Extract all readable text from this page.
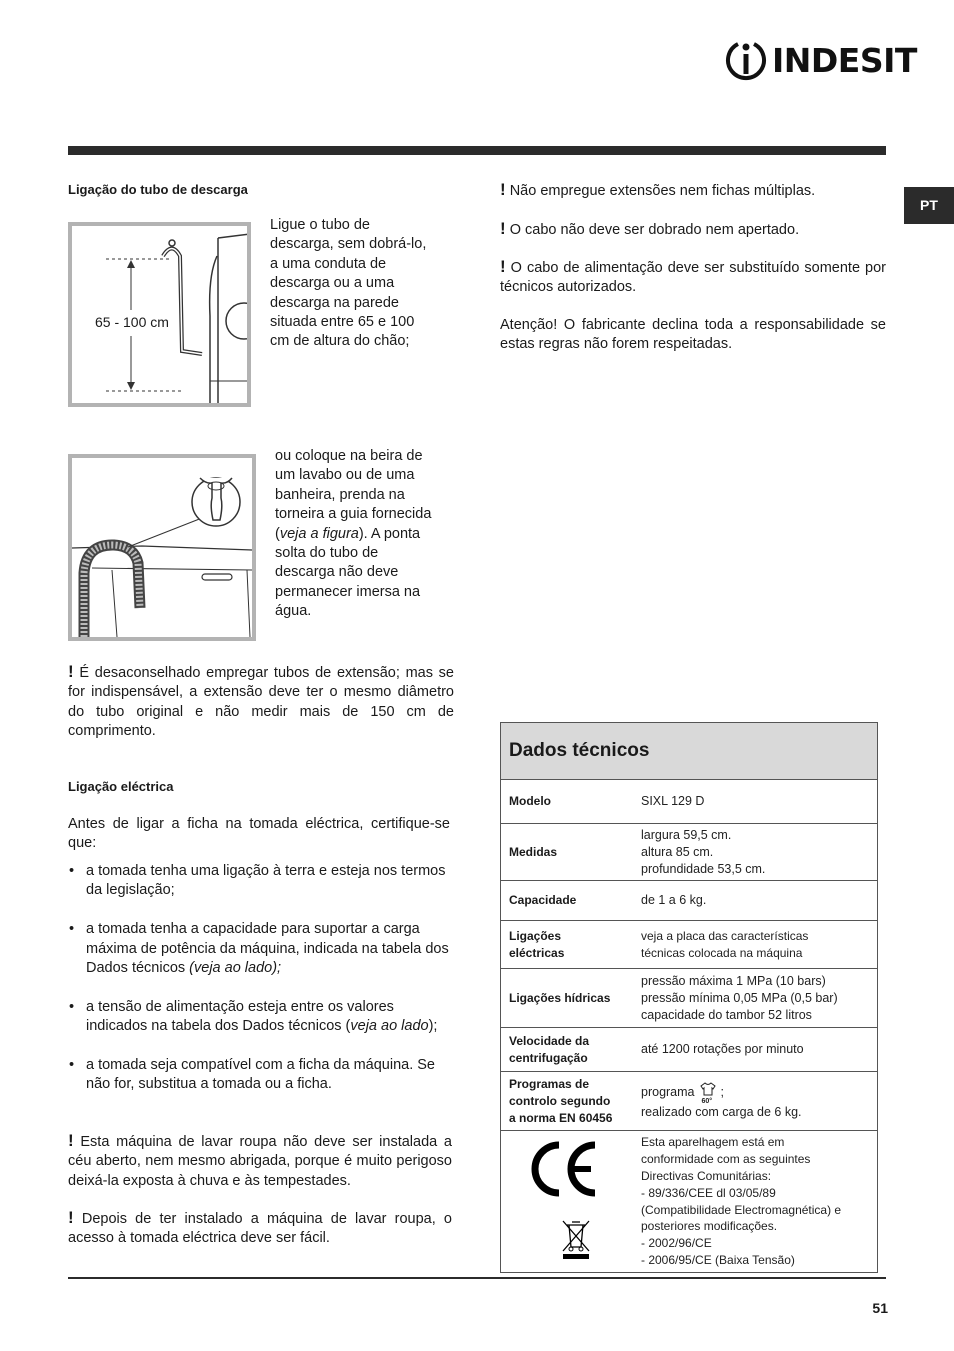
INDESIT
PT
Ligação do tubo de descarga
65 - 100 cm
Ligue o tubo de
descarga, sem dobrá-lo,
a uma conduta de
descarga ou a uma
descarga na parede
situada entre 65 e 100
cm de altura do chão;
ou coloque na beira de
um lavabo ou de uma
banheira, prenda na
torneira a guia fornecida
(veja a figura). A ponta
solta do tubo de
descarga não deve
permanecer imersa na
água.
! É desaconselhado empregar tubos de extensão; mas se for indispensável, a extensão deve ter o mesmo diâmetro do tubo original e não medir mais de 150 cm de comprimento.
Ligação eléctrica
Antes de ligar a ficha na tomada eléctrica, certifique-se que:
• a tomada tenha uma ligação à terra e esteja nos termos da legislação;
• a tomada tenha a capacidade para suportar a carga máxima de potência da máquina, indicada na tabela dos Dados técnicos (veja ao lado);
• a tensão de alimentação esteja entre os valores indicados na tabela dos Dados técnicos (veja ao lado);
• a tomada seja compatível com a ficha da máquina. Se não for, substitua a tomada ou a ficha.
! Esta máquina de lavar roupa não deve ser instalada a céu aberto, nem mesmo abrigada, porque é muito perigoso deixá-la exposta à chuva e às tempestades.
! Depois de ter instalado a máquina de lavar roupa, o acesso à tomada eléctrica deve ser fácil.
! Não empregue extensões nem fichas múltiplas.
! O cabo não deve ser dobrado nem apertado.
! O cabo de alimentação deve ser substituído somente por técnicos autorizados.
Atenção! O fabricante declina toda a responsabilidade se estas regras não forem respeitadas.
Dados técnicos
Modelo	SIXL 129 D
Medidas
largura 59,5 cm.
altura 85 cm.
profundidade 53,5 cm.
Capacidade	de 1 a 6 kg.
Ligações
eléctricas
veja a placa das características
técnicas colocada na máquina
Ligações hídricas
pressão máxima 1 MPa (10 bars)
pressão mínima 0,05 MPa (0,5 bar)
capacidade do tambor 52 litros
Velocidade da
centrifugação
até 1200 rotações por minuto
Programas de
controlo segundo
a norma EN 60456
programa
60°
;
realizado com carga de 6 kg.
Esta aparelhagem está em
conformidade com as seguintes
Directivas Comunitárias:
- 89/336/CEE dl 03/05/89
(Compatibilidade Electromagnética) e
posteriores modificações.
- 2002/96/CE
- 2006/95/CE (Baixa Tensão)
51
